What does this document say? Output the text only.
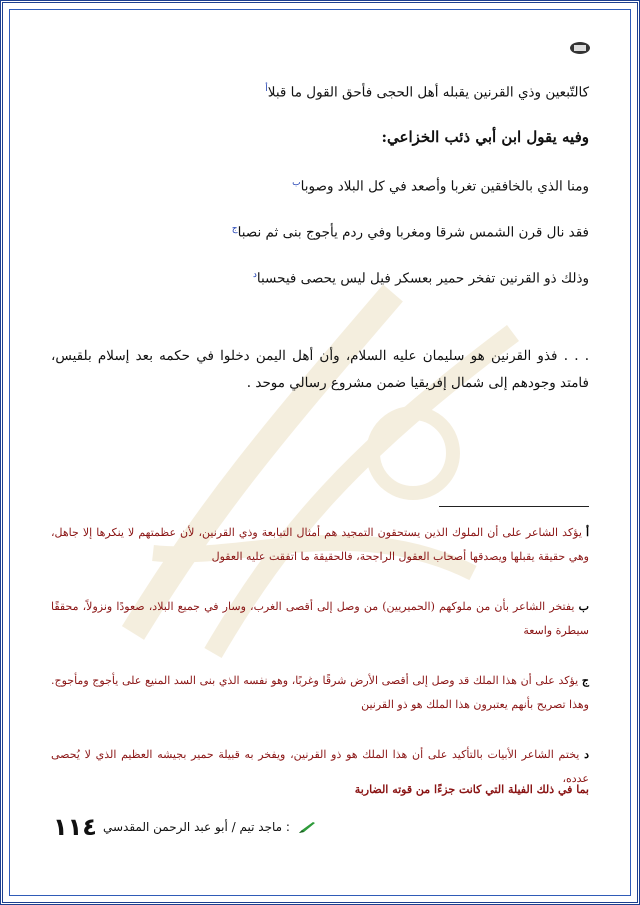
كالتّبعين وذي القرنين يقبله أهل الحجى فأحق القول ما قبلا$^أ$
وفيه يقول ابن أبي ذئب الخزاعي:
ومنا الذي بالخافقين تغربا وأصعد في كل البلاد وصوبا$^ب$
فقد نال قرن الشمس شرقا ومغربا وفي ردم يأجوج بنى ثم نصبا$^ج$
وذلك ذو القرنين تفخر حمير بعسكر فيل ليس يحصى فيحسبا$^د$
. . . فذو القرنين هو سليمان عليه السلام، وأن أهل اليمن دخلوا في حكمه بعد إسلام بلقيس، فامتد وجودهم إلى شمال إفريقيا ضمن مشروع رسالي موحد .
أ يؤكد الشاعر على أن الملوك الذين يستحقون التمجيد هم أمثال التبابعة وذي القرنين، لأن عظمتهم لا ينكرها إلا جاهل، وهي حقيقة يقبلها ويصدقها أصحاب العقول الراجحة، فالحقيقة ما اتفقت عليه العقول
ب يفتخر الشاعر بأن من ملوكهم (الحميريين) من وصل إلى أقصى الغرب، وسار في جميع البلاد، صعودًا ونزولاً، محققًا سيطرة واسعة
ج يؤكد على أن هذا الملك قد وصل إلى أقصى الأرض شرقًا وغربًا، وهو نفسه الذي بنى السد المنيع على يأجوج ومأجوج. وهذا تصريح بأنهم يعتبرون هذا الملك هو ذو القرنين
د يختم الشاعر الأبيات بالتأكيد على أن هذا الملك هو ذو القرنين، ويفخر به قبيلة حمير بجيشه العظيم الذي لا يُحصى عدده،
بما في ذلك الفيلة التي كانت جزءًا من قوته الضاربة
١١٤ : ماجد تيم / أبو عبد الرحمن المقدسي
